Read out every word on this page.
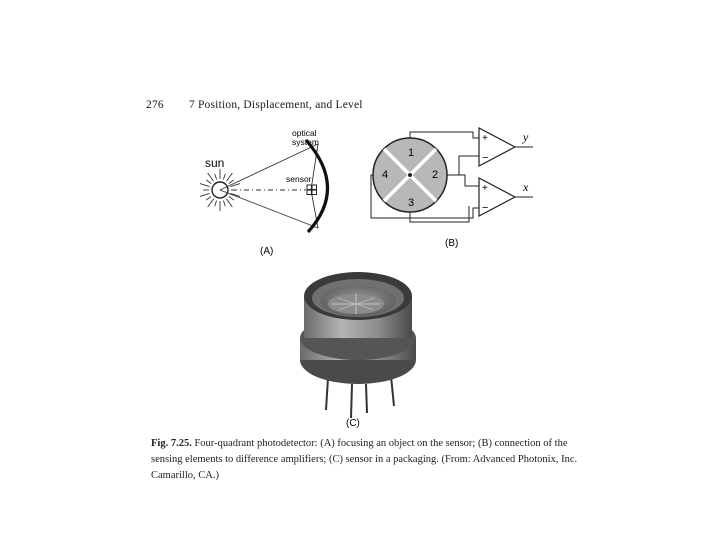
276 7 Position, Displacement, and Level
sun
optical
system
sensor
(A)
1
2
3
4
+
−
+
−
y
x
(B)
(C)
Fig. 7.25. Four-quadrant photodetector: (A) focusing an object on the sensor; (B) connection of the sensing elements to difference amplifiers; (C) sensor in a packaging. (From: Advanced Photonix, Inc. Camarillo, CA.)
